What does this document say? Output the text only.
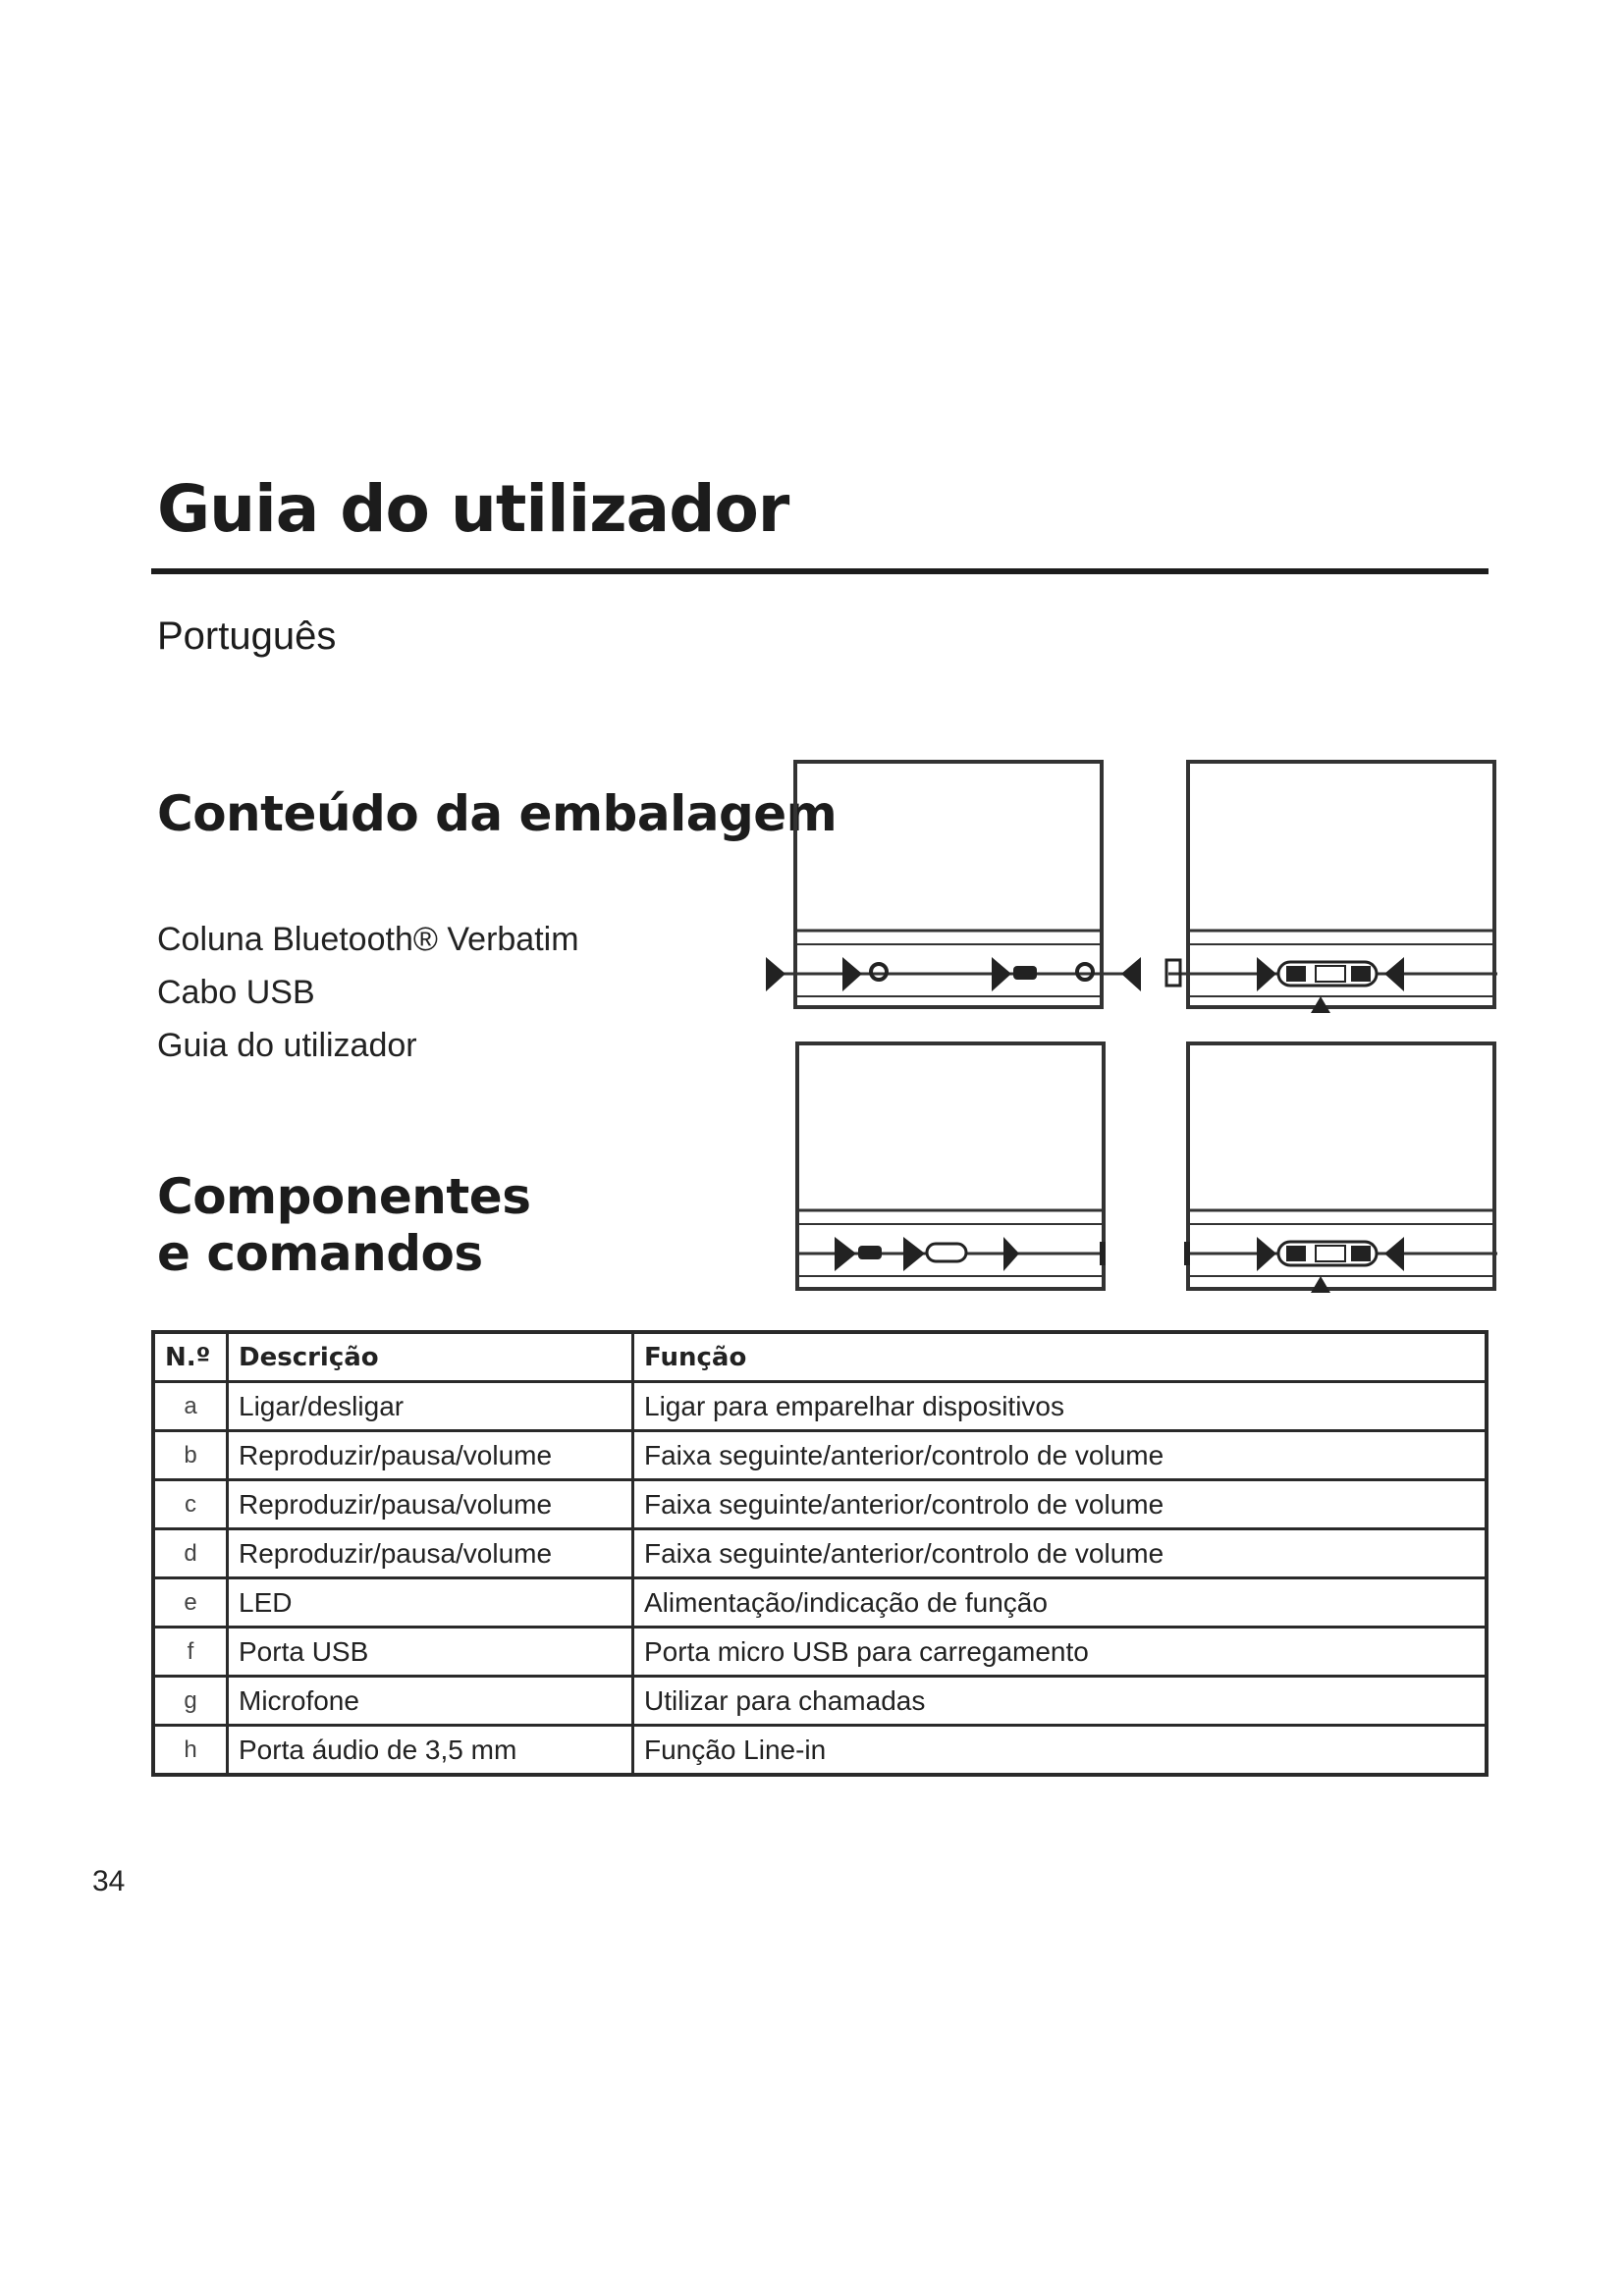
Guia do utilizador
Português
Conteúdo da embalagem
Coluna Bluetooth® Verbatim
Cabo USB
Guia do utilizador
Componentes
e comandos
N.º	Descrição	Função
a	Ligar/desligar	Ligar para emparelhar dispositivos
b	Reproduzir/pausa/volume	Faixa seguinte/anterior/controlo de volume
c	Reproduzir/pausa/volume	Faixa seguinte/anterior/controlo de volume
d	Reproduzir/pausa/volume	Faixa seguinte/anterior/controlo de volume
e	LED	Alimentação/indicação de função
f	Porta USB	Porta micro USB para carregamento
g	Microfone	Utilizar para chamadas
h	Porta áudio de 3,5 mm	Função Line-in
34
